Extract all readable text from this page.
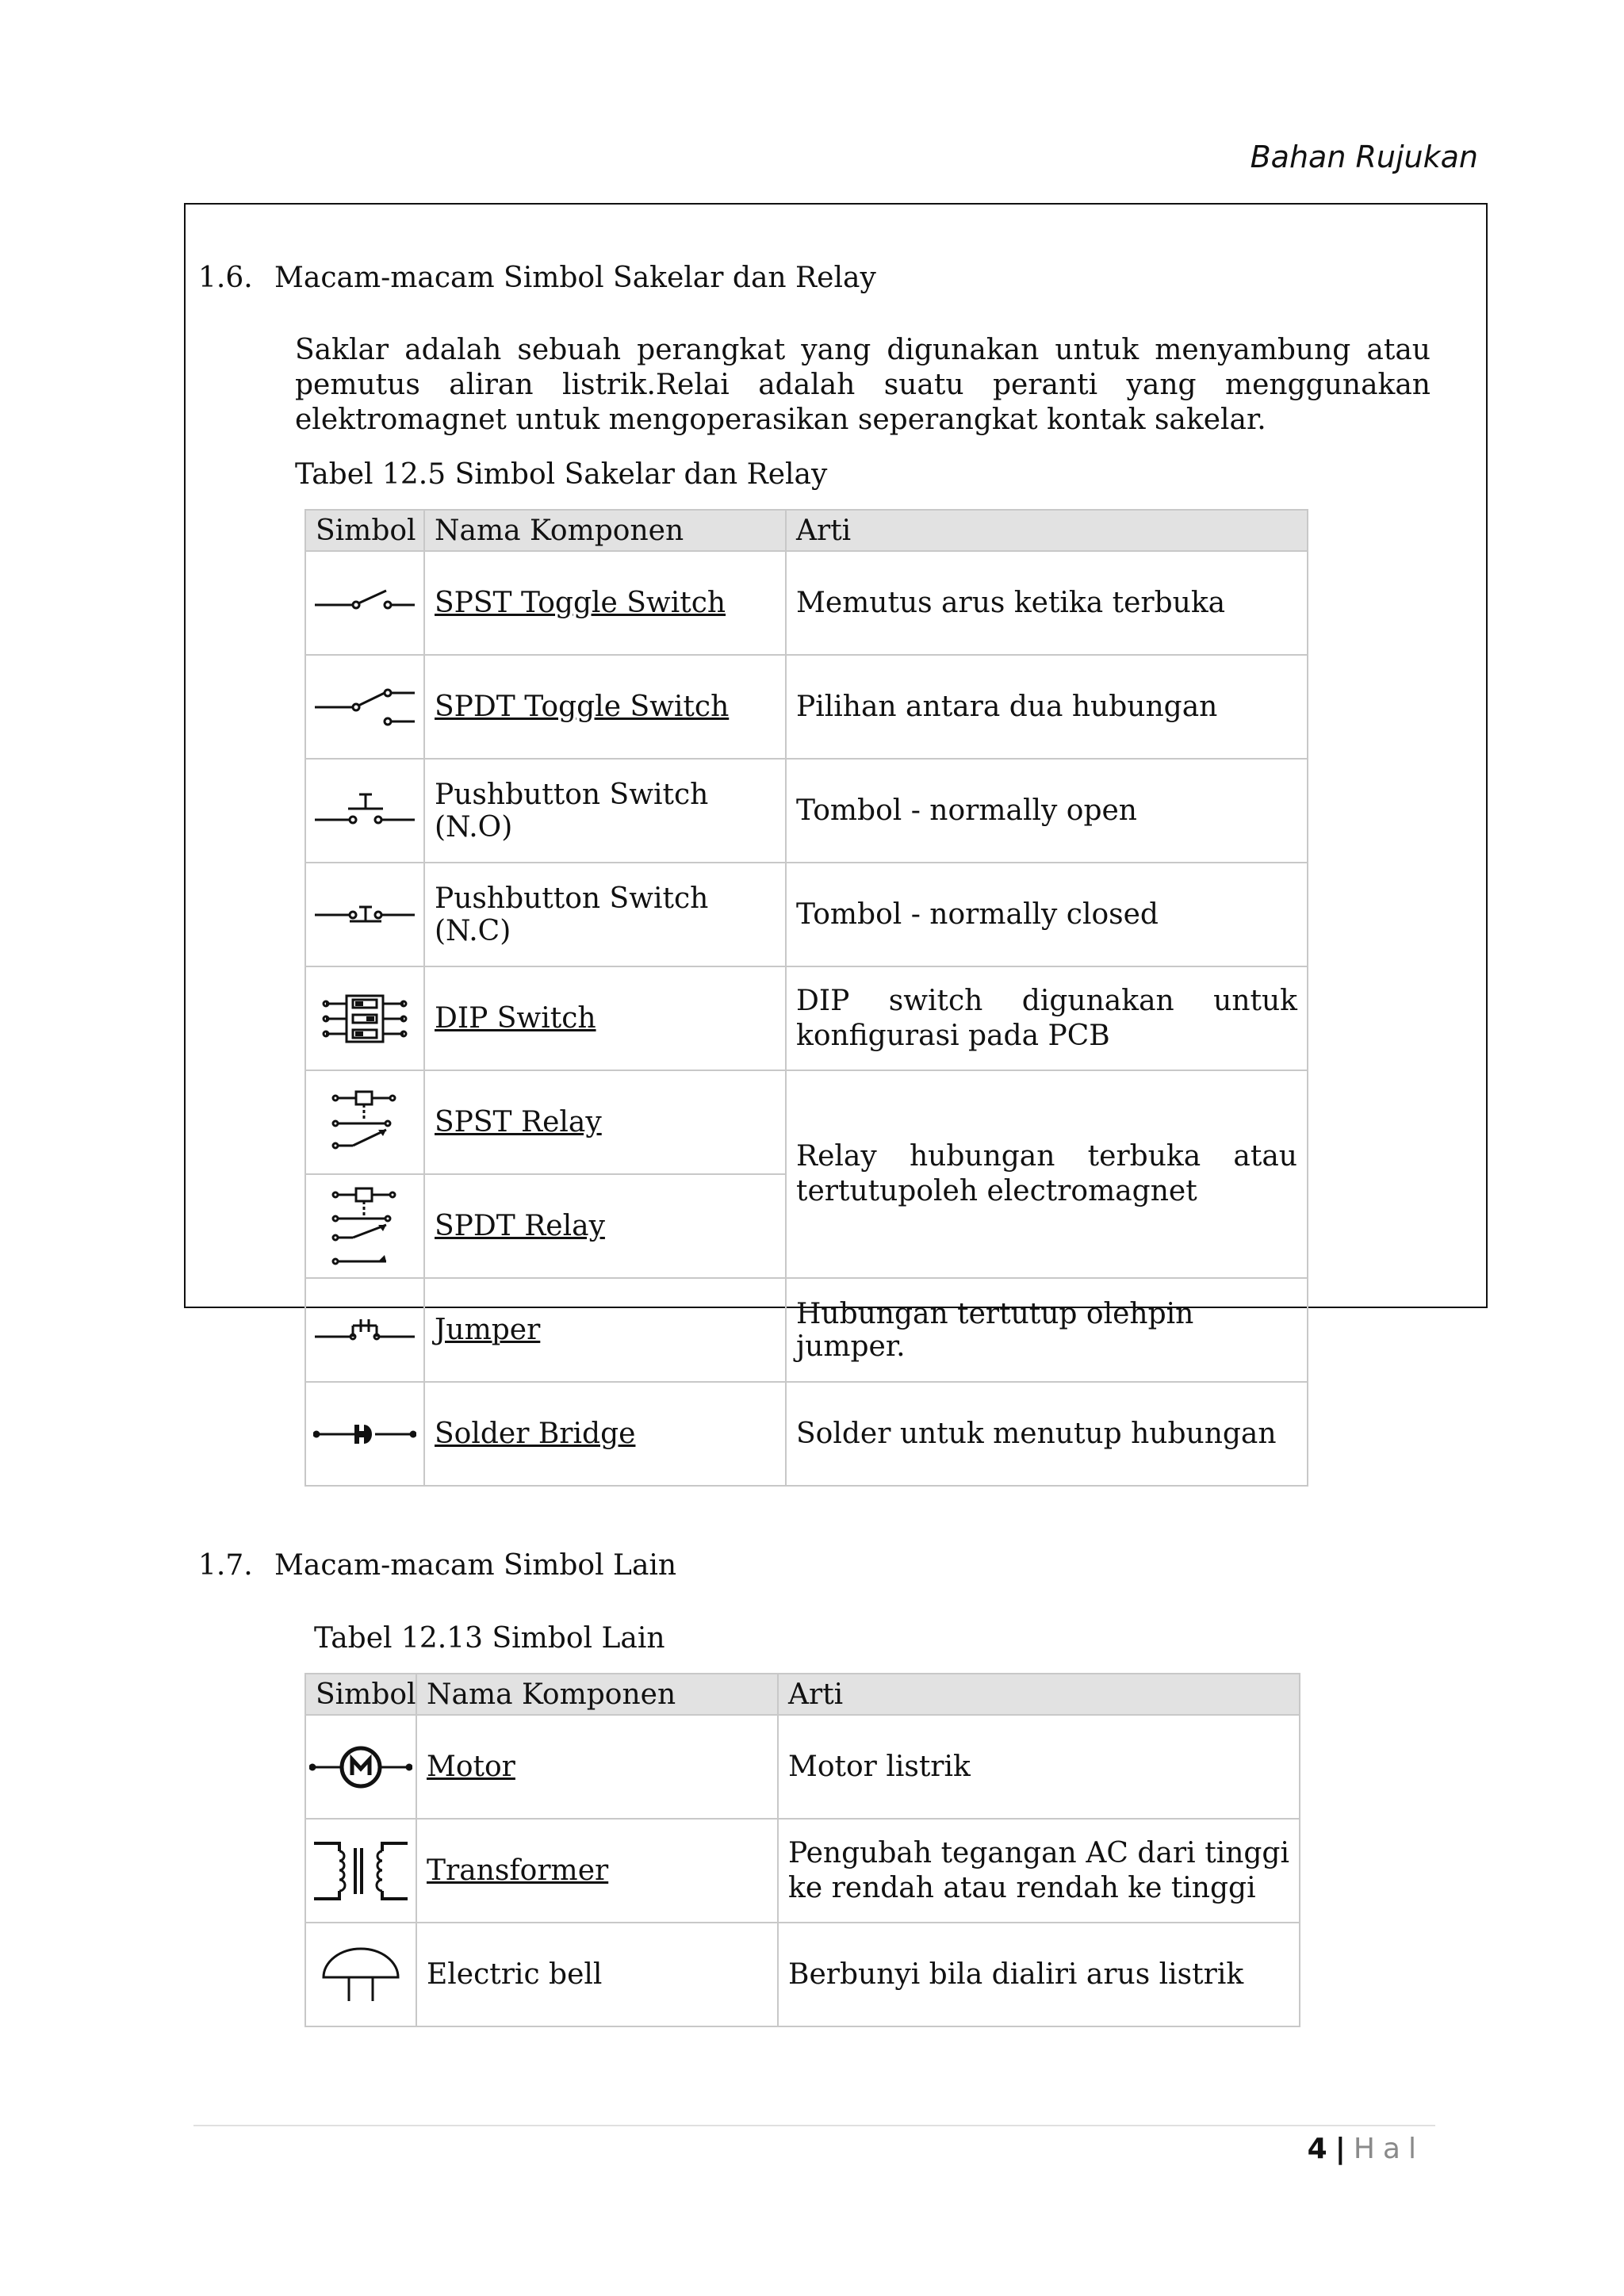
Bahan Rujukan
1.6. Macam-macam Simbol Sakelar dan Relay
Saklar adalah sebuah perangkat yang digunakan untuk menyambung atau pemutus aliran listrik.Relai adalah suatu peranti yang menggunakan elektromagnet untuk mengoperasikan seperangkat kontak sakelar.
Tabel 12.5 Simbol Sakelar dan Relay
Simbol	Nama Komponen	Arti

	SPST Toggle Switch	Memutus arus ketika terbuka

	SPDT Toggle Switch	Pilihan antara dua hubungan

	Pushbutton Switch (N.O)	Tombol - normally open

	Pushbutton Switch (N.C)	Tombol - normally closed

	DIP Switch	DIP switch digunakan untuk konfigurasi pada PCB

	SPST Relay	Relay hubungan terbuka atau tertutupoleh electromagnet

	SPDT Relay	

	Jumper	Hubungan tertutup olehpin jumper.

	Solder Bridge	Solder untuk menutup hubungan
1.7. Macam-macam Simbol Lain
Tabel 12.13 Simbol Lain
Simbol	Nama Komponen	Arti

	Motor	Motor listrik

	Transformer	Pengubah tegangan AC dari tinggi ke rendah atau rendah ke tinggi

	Electric bell	Berbunyi bila dialiri arus listrik
4 | Hal
